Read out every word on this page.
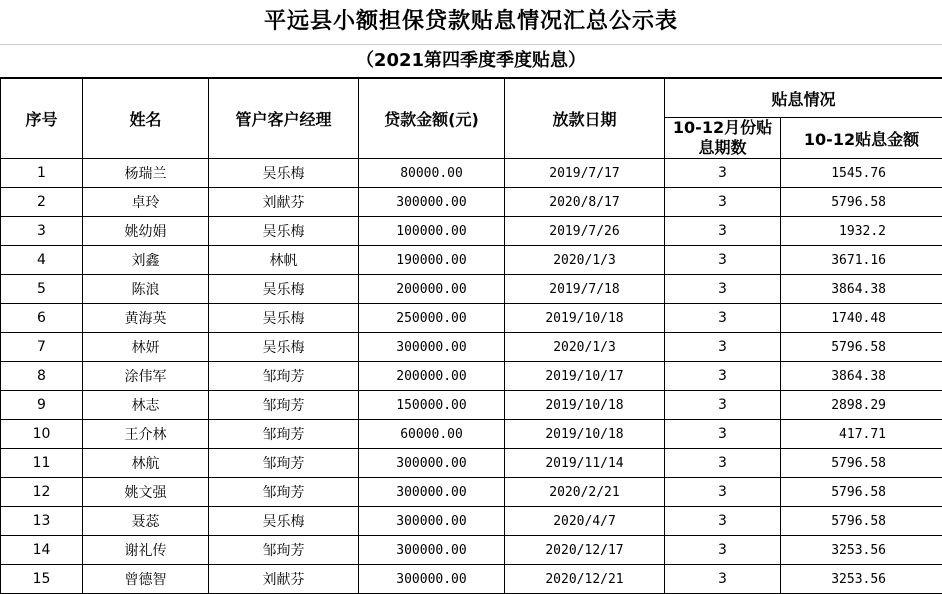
平远县小额担保贷款贴息情况汇总公示表
（2021第四季度季度贴息）
序号	姓名	管户客户经理	贷款金额(元)	放款日期	贴息情况	
					10-12月份贴息期数	10-12贴息金额
1	杨瑞兰	吴乐梅	80000.00	2019/7/17	3	1545.76
2	卓玲	刘献芬	300000.00	2020/8/17	3	5796.58
3	姚幼娟	吴乐梅	100000.00	2019/7/26	3	1932.2
4	刘鑫	林帆	190000.00	2020/1/3	3	3671.16
5	陈浪	吴乐梅	200000.00	2019/7/18	3	3864.38
6	黄海英	吴乐梅	250000.00	2019/10/18	3	1740.48
7	林妍	吴乐梅	300000.00	2020/1/3	3	5796.58
8	涂伟军	邹珣芳	200000.00	2019/10/17	3	3864.38
9	林志	邹珣芳	150000.00	2019/10/18	3	2898.29
10	王介林	邹珣芳	60000.00	2019/10/18	3	417.71
11	林航	邹珣芳	300000.00	2019/11/14	3	5796.58
12	姚文强	邹珣芳	300000.00	2020/2/21	3	5796.58
13	聂蕊	吴乐梅	300000.00	2020/4/7	3	5796.58
14	谢礼传	邹珣芳	300000.00	2020/12/17	3	3253.56
15	曾德智	刘献芬	300000.00	2020/12/21	3	3253.56
